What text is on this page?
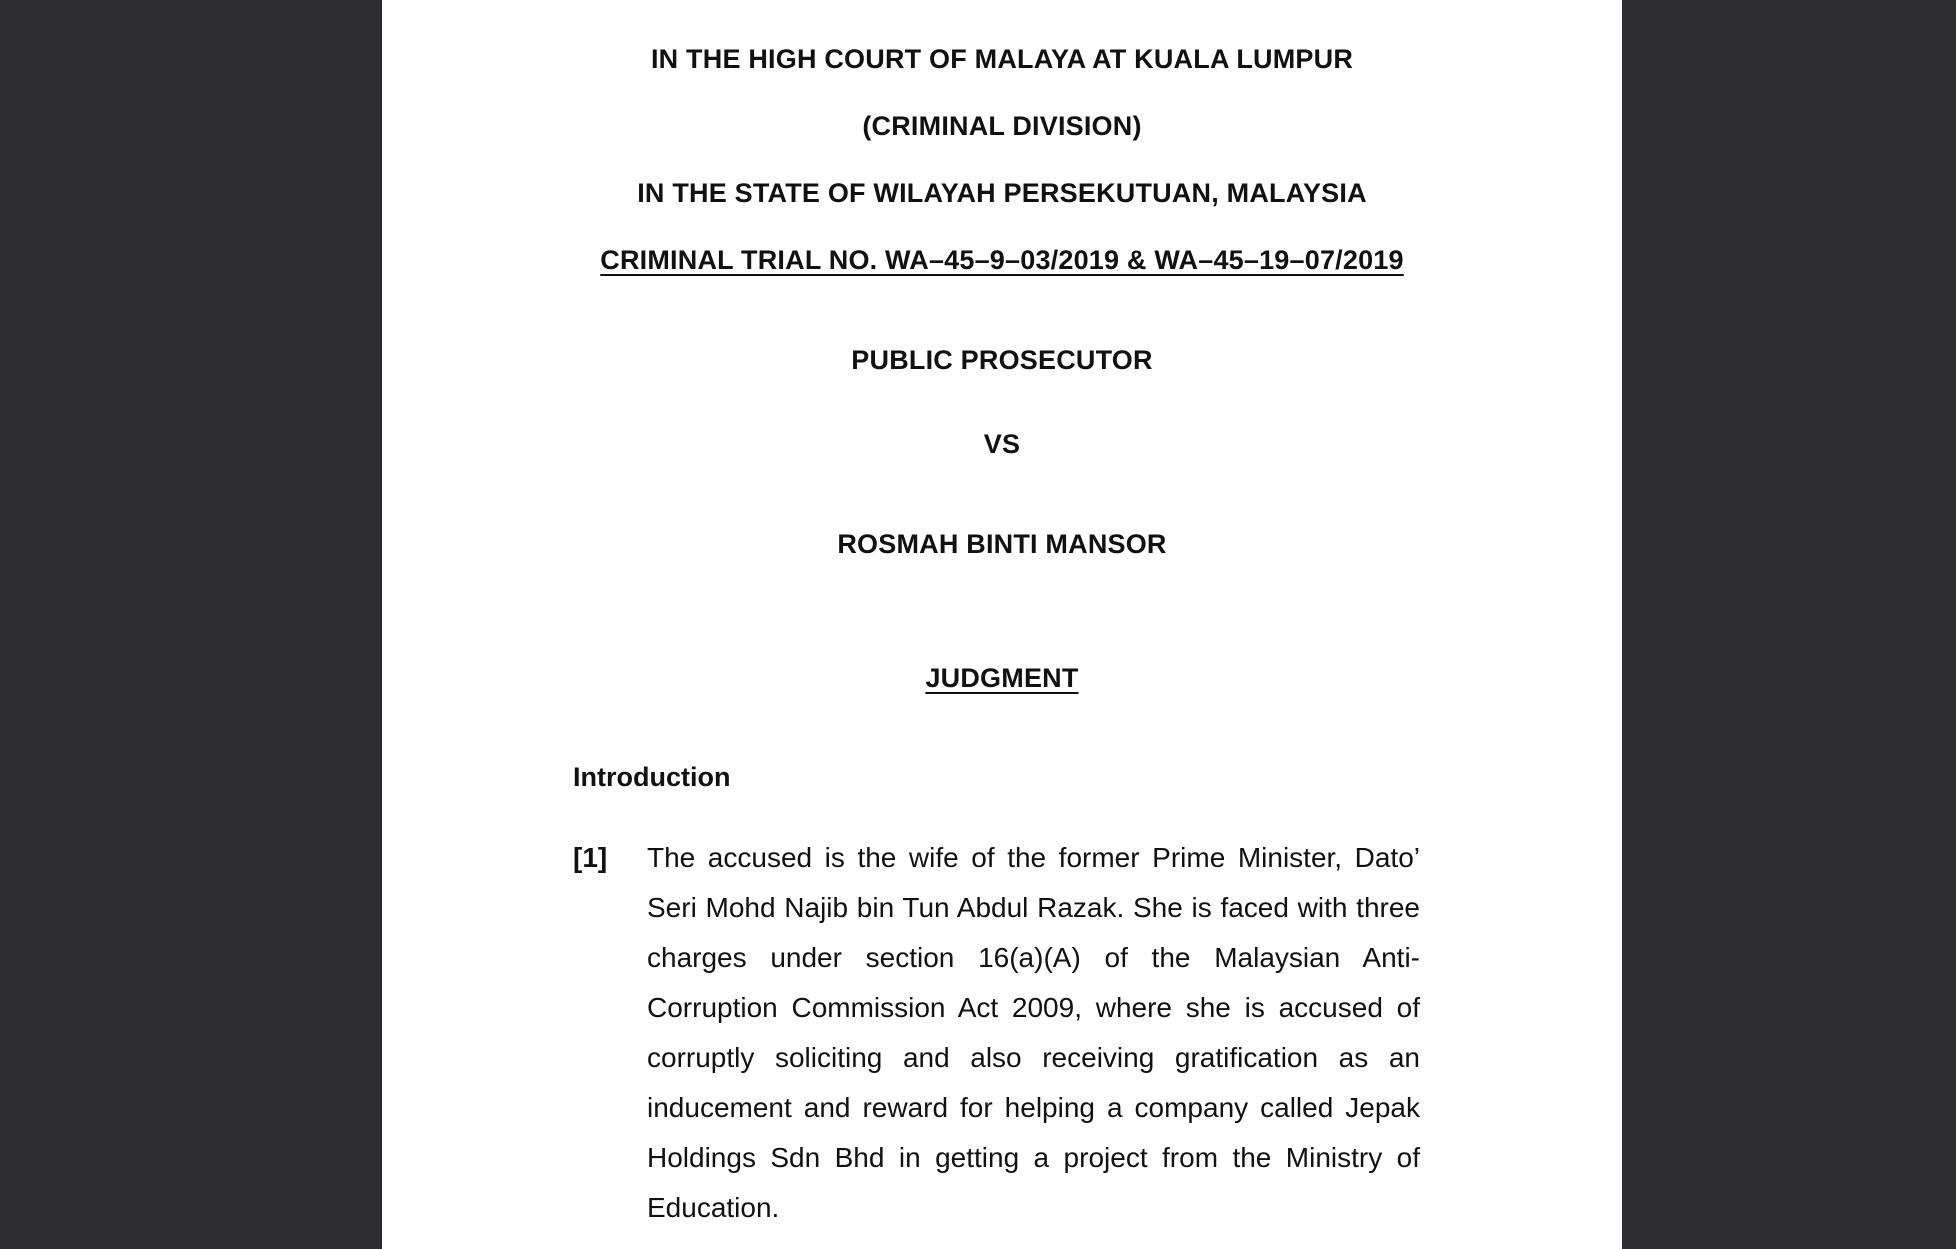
IN THE HIGH COURT OF MALAYA AT KUALA LUMPUR
(CRIMINAL DIVISION)
IN THE STATE OF WILAYAH PERSEKUTUAN, MALAYSIA
CRIMINAL TRIAL NO. WA–45–9–03/2019 & WA–45–19–07/2019
PUBLIC PROSECUTOR
VS
ROSMAH BINTI MANSOR
JUDGMENT
Introduction
[1] The accused is the wife of the former Prime Minister, Dato’
Seri Mohd Najib bin Tun Abdul Razak. She is faced with three
charges under section 16(a)(A) of the Malaysian Anti-
Corruption Commission Act 2009, where she is accused of
corruptly soliciting and also receiving gratification as an
inducement and reward for helping a company called Jepak
Holdings Sdn Bhd in getting a project from the Ministry of
Education.
